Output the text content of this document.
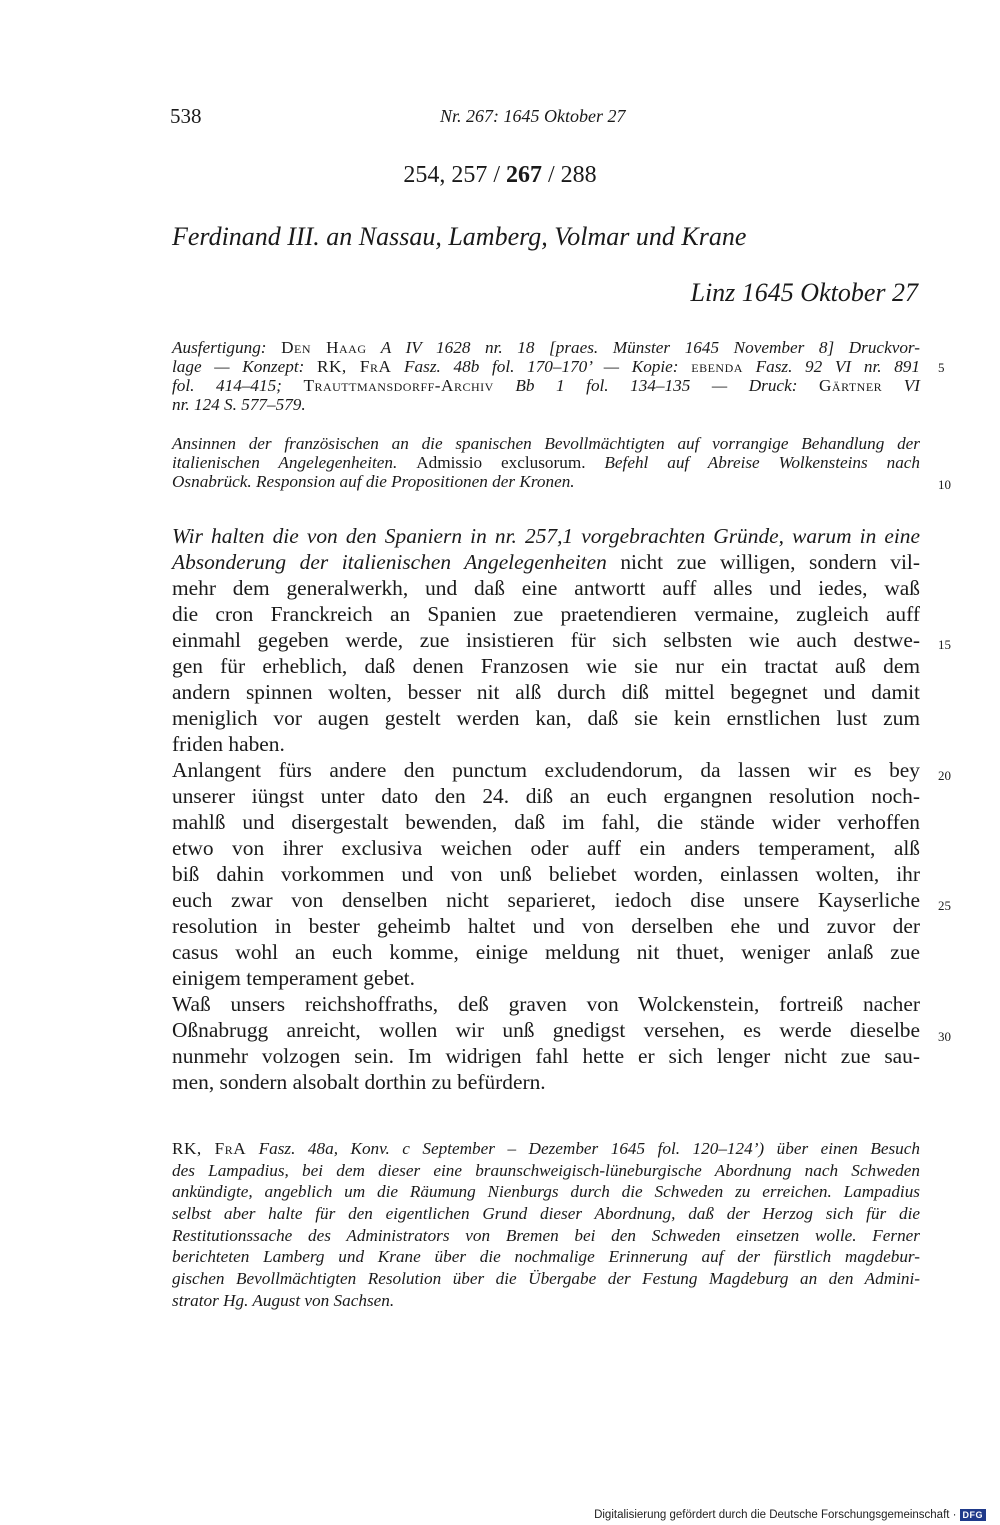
538	Nr. 267: 1645 Oktober 27
254, 257 / 267 / 288
Ferdinand III. an Nassau, Lamberg, Volmar und Krane
Linz 1645 Oktober 27
Ausfertigung: Den Haag A IV 1628 nr. 18 [praes. Münster 1645 November 8] Druckvor-
lage — Konzept: RK, FrA Fasz. 48b fol. 170–170’ — Kopie: ebenda Fasz. 92 VI nr. 891
fol. 414–415; Trauttmansdorff-Archiv Bb 1 fol. 134–135 — Druck: Gärtner VI
nr. 124 S. 577–579.
Ansinnen der französischen an die spanischen Bevollmächtigten auf vorrangige Behandlung der
italienischen Angelegenheiten. Admissio exclusorum. Befehl auf Abreise Wolkensteins nach
Osnabrück. Responsion auf die Propositionen der Kronen.
Wir halten die von den Spaniern in nr. 257,1 vorgebrachten Gründe, warum in eine
Absonderung der italienischen Angelegenheiten nicht zue willigen, sondern vil-
mehr dem generalwerkh, und daß eine antwortt auff alles und iedes, waß
die cron Franckreich an Spanien zue praetendieren vermaine, zugleich auff
einmahl gegeben werde, zue insistieren für sich selbsten wie auch destwe-
gen für erheblich, daß denen Franzosen wie sie nur ein tractat auß dem
andern spinnen wolten, besser nit alß durch diß mittel begegnet und damit
meniglich vor augen gestelt werden kan, daß sie kein ernstlichen lust zum
friden haben.
Anlangent fürs andere den punctum excludendorum, da lassen wir es bey
unserer iüngst unter dato den 24. diß an euch ergangnen resolution noch-
mahlß und disergestalt bewenden, daß im fahl, die stände wider verhoffen
etwo von ihrer exclusiva weichen oder auff ein anders temperament, alß
biß dahin vorkommen und von unß beliebet worden, einlassen wolten, ihr
euch zwar von denselben nicht separieret, iedoch dise unsere Kayserliche
resolution in bester geheimb haltet und von derselben ehe und zuvor der
casus wohl an euch komme, einige meldung nit thuet, weniger anlaß zue
einigem temperament gebet.
Waß unsers reichshoffraths, deß graven von Wolckenstein, fortreiß nacher
Oßnabrugg anreicht, wollen wir unß gnedigst versehen, es werde dieselbe
nunmehr volzogen sein. Im widrigen fahl hette er sich lenger nicht zue sau-
men, sondern alsobalt dorthin zu befürdern.
5
10
15
20
25
30
RK, FrA Fasz. 48a, Konv. c September – Dezember 1645 fol. 120–124’) über einen Besuch
des Lampadius, bei dem dieser eine braunschweigisch-lüneburgische Abordnung nach Schweden
ankündigte, angeblich um die Räumung Nienburgs durch die Schweden zu erreichen. Lampadius
selbst aber halte für den eigentlichen Grund dieser Abordnung, daß der Herzog sich für die
Restitutionssache des Administrators von Bremen bei den Schweden einsetzen wolle. Ferner
berichteten Lamberg und Krane über die nochmalige Erinnerung auf der fürstlich magdebur-
gischen Bevollmächtigten Resolution über die Übergabe der Festung Magdeburg an den Admini-
strator Hg. August von Sachsen.
Digitalisierung gefördert durch die Deutsche Forschungsgemeinschaft · DFG
